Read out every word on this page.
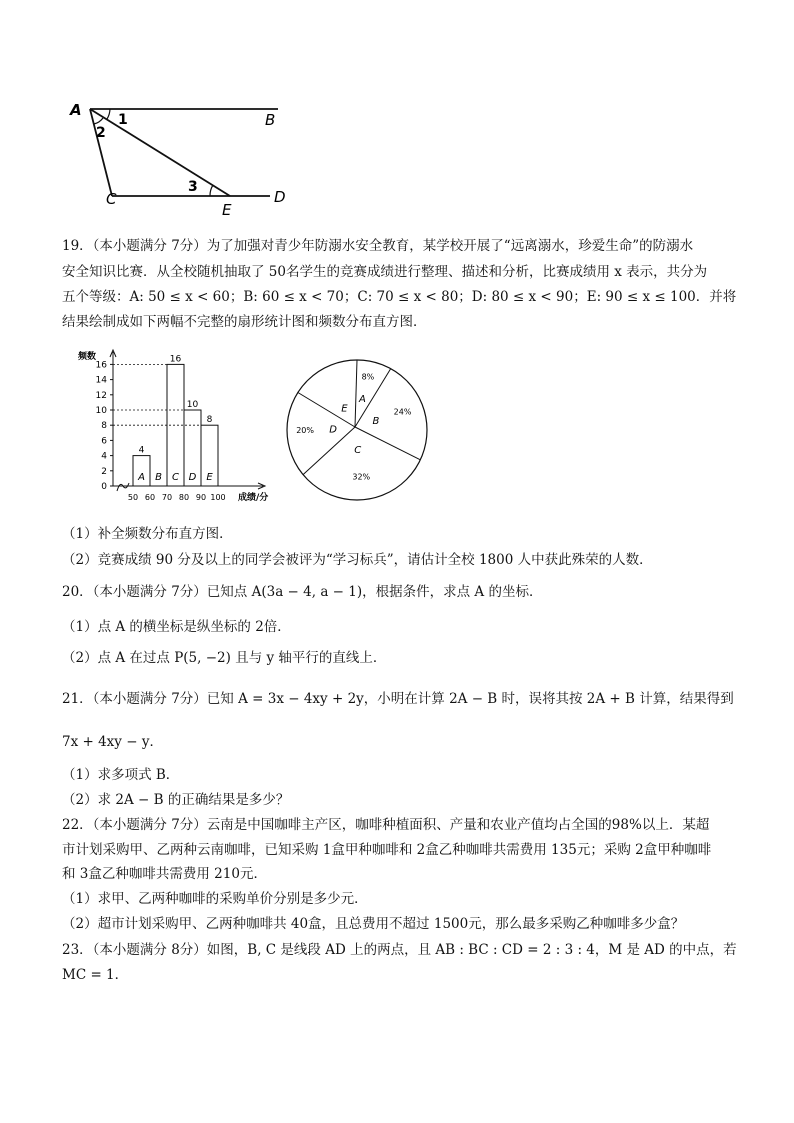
A
B
C	D
E
1
2
3
19．（本小题满分 7分）为了加强对青少年防溺水安全教育，某学校开展了“远离溺水，珍爱生命”的防溺水
安全知识比赛．从全校随机抽取了 50名学生的竞赛成绩进行整理、描述和分析，比赛成绩用 x 表示，共分为
五个等级：A: 50 ≤ x < 60；B: 60 ≤ x < 70；C: 70 ≤ x < 80；D: 80 ≤ x < 90；E: 90 ≤ x ≤ 100．并将
结果绘制成如下两幅不完整的扇形统计图和频数分布直方图．
频数
成绩/分
0
2
4
6
8
10
12
14
16
50 60 70 80 90 100
4
A B
16
C
10
D
8
E
A
8%
B
24%
C
32%
D
20%
E
（1）补全频数分布直方图．
（2）竞赛成绩 90 分及以上的同学会被评为“学习标兵”，请估计全校 1800 人中获此殊荣的人数．
20．（本小题满分 7分）已知点 A(3a − 4, a − 1)，根据条件，求点 A 的坐标．
（1）点 A 的横坐标是纵坐标的 2倍．
（2）点 A 在过点 P(5, −2) 且与 y 轴平行的直线上．
21．（本小题满分 7分）已知 A = 3x − 4xy + 2y，小明在计算 2A − B 时，误将其按 2A + B 计算，结果得到
7x + 4xy − y．
（1）求多项式 B．
（2）求 2A − B 的正确结果是多少？
22．（本小题满分 7分）云南是中国咖啡主产区，咖啡种植面积、产量和农业产值均占全国的98%以上．某超
市计划采购甲、乙两种云南咖啡，已知采购 1盒甲种咖啡和 2盒乙种咖啡共需费用 135元；采购 2盒甲种咖啡
和 3盒乙种咖啡共需费用 210元．
（1）求甲、乙两种咖啡的采购单价分别是多少元．
（2）超市计划采购甲、乙两种咖啡共 40盒，且总费用不超过 1500元，那么最多采购乙种咖啡多少盒？
23．（本小题满分 8分）如图，B, C 是线段 AD 上的两点，且 AB : BC : CD = 2 : 3 : 4，M 是 AD 的中点，若
MC = 1．
